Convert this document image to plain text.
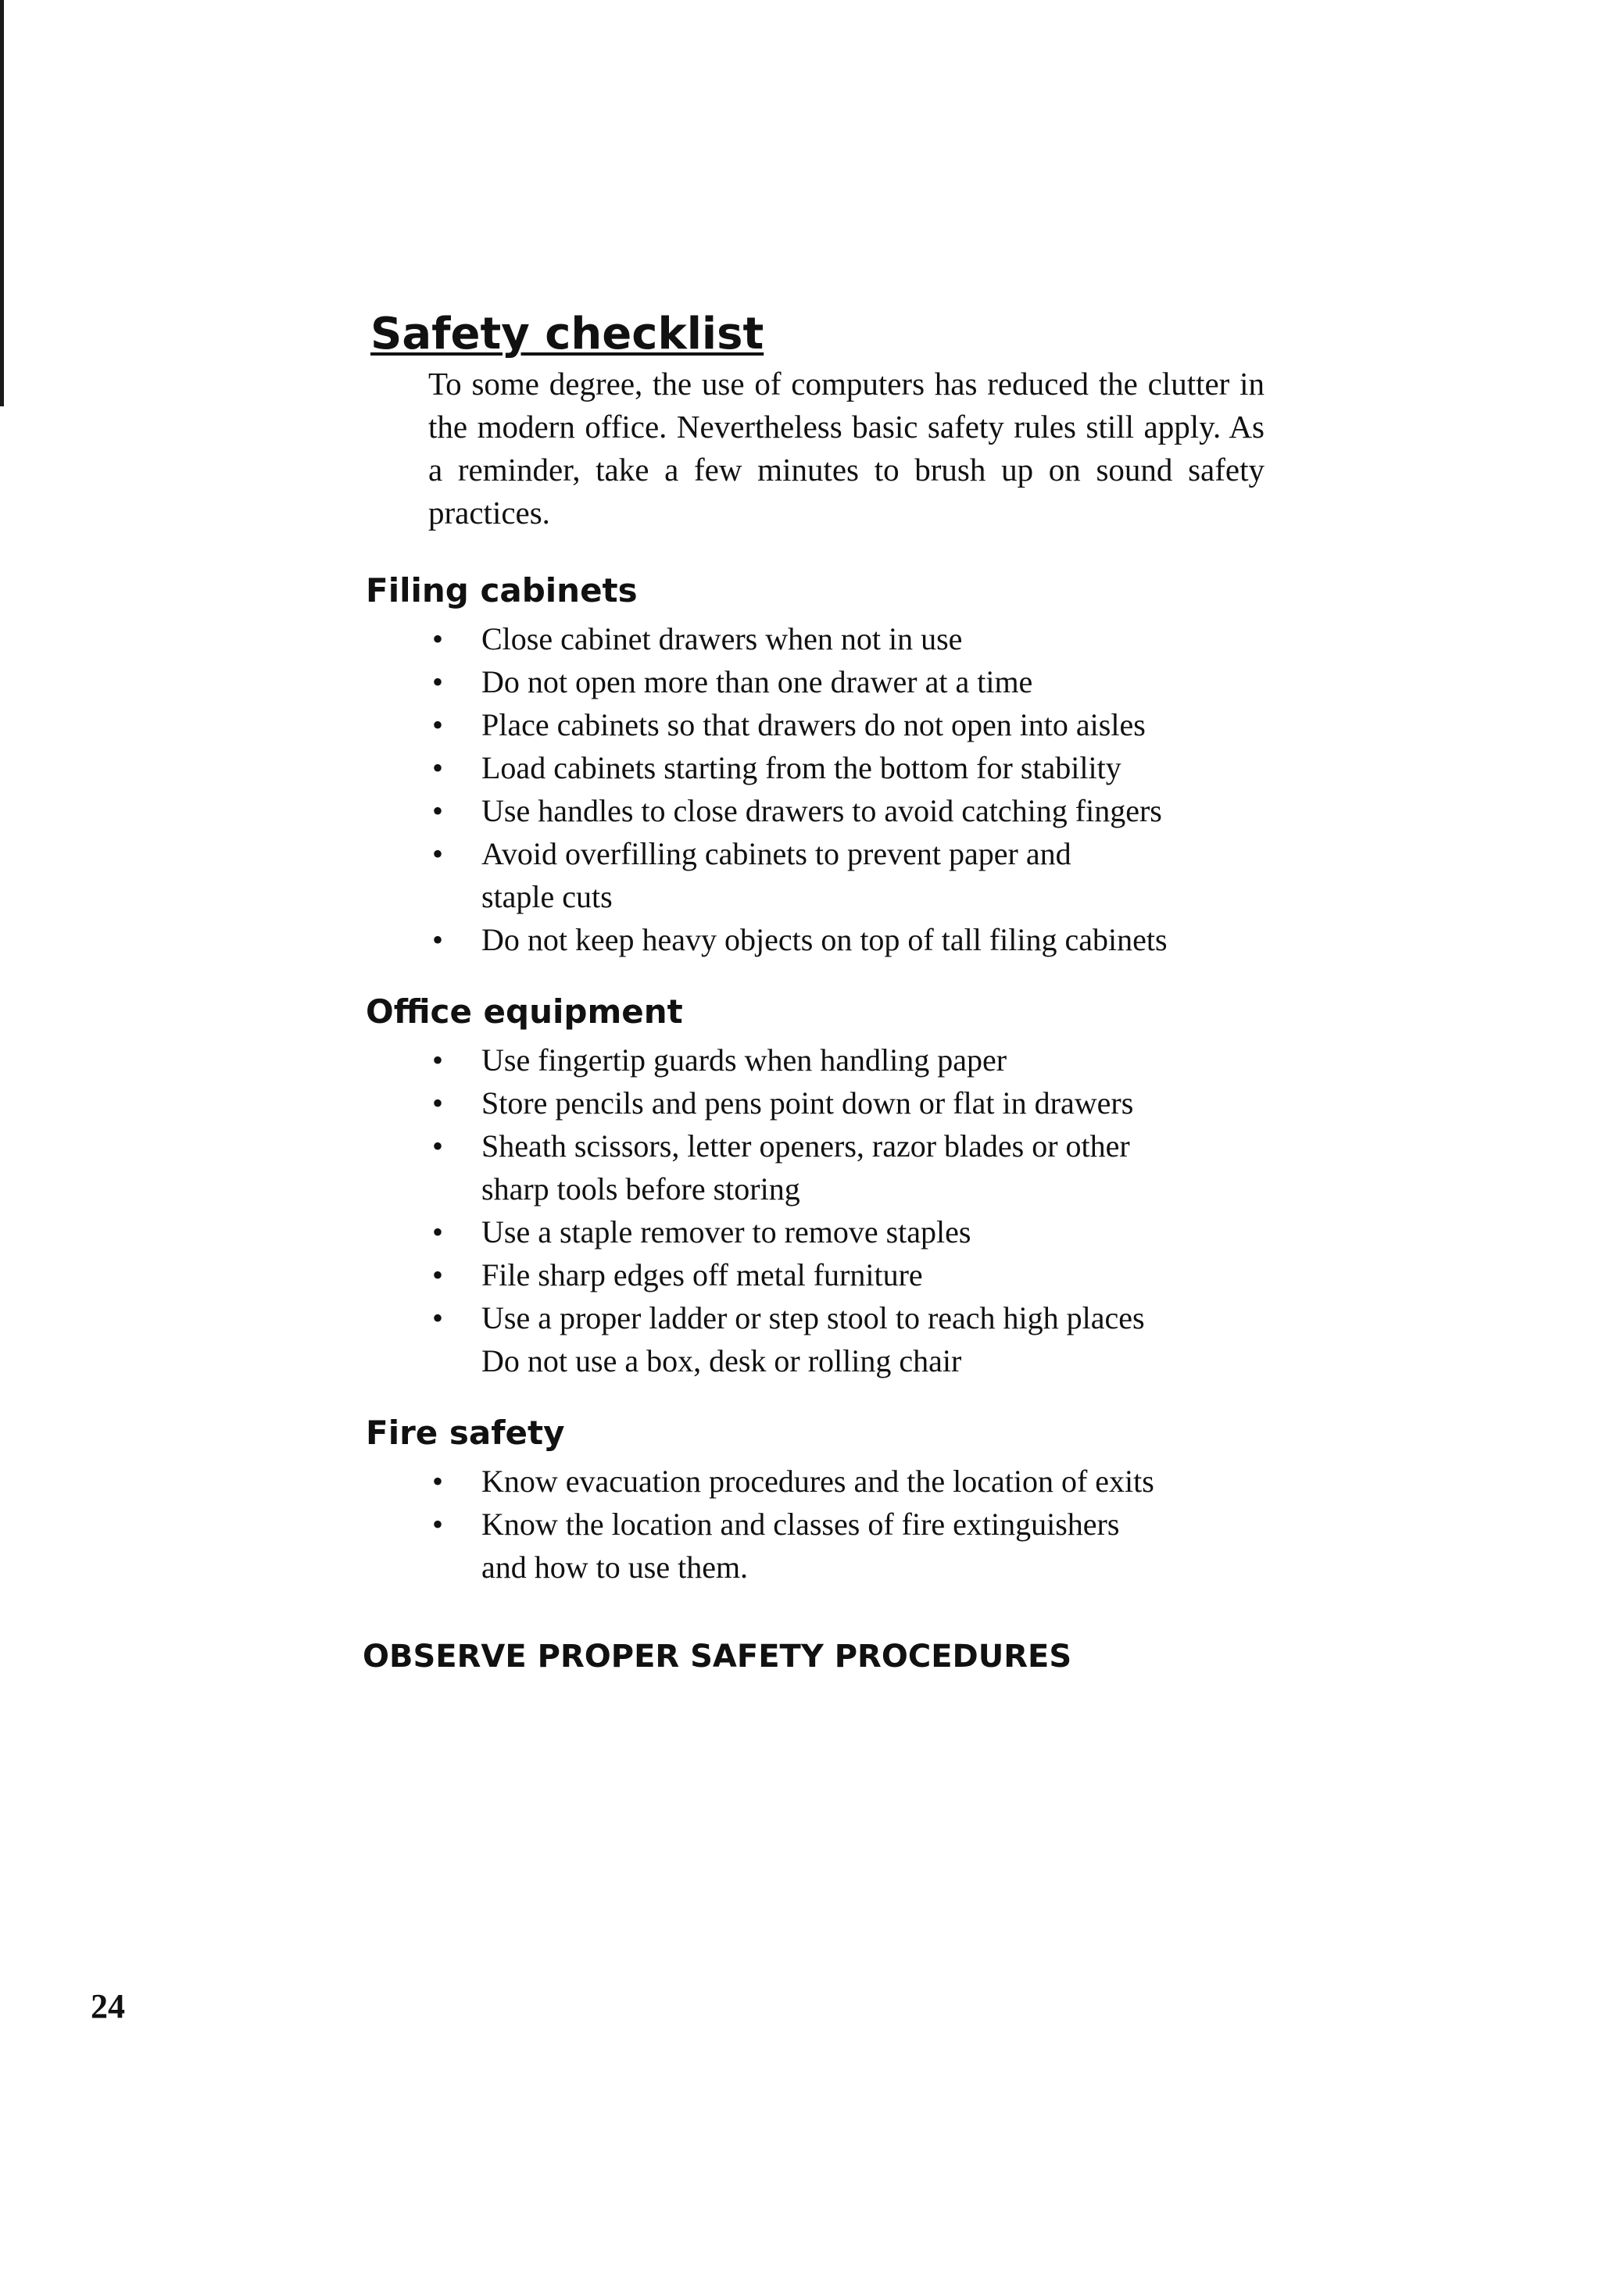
Safety checklist

To some degree, the use of computers has reduced the clutter in the modern office. Nevertheless basic safety rules still apply. As a reminder, take a few minutes to brush up on sound safety practices.

Filing cabinets
•	Close cabinet drawers when not in use
•	Do not open more than one drawer at a time
•	Place cabinets so that drawers do not open into aisles
•	Load cabinets starting from the bottom for stability
•	Use handles to close drawers to avoid catching fingers
•	Avoid overfilling cabinets to prevent paper and
staple cuts
•	Do not keep heavy objects on top of tall filing cabinets
Office equipment
•	Use fingertip guards when handling paper
•	Store pencils and pens point down or flat in drawers
•	Sheath scissors, letter openers, razor blades or other
sharp tools before storing
•	Use a staple remover to remove staples
•	File sharp edges off metal furniture
•	Use a proper ladder or step stool to reach high places
Do not use a box, desk or rolling chair
Fire safety
•	Know evacuation procedures and the location of exits
•	Know the location and classes of fire extinguishers
and how to use them.

OBSERVE PROPER SAFETY PROCEDURES

24
